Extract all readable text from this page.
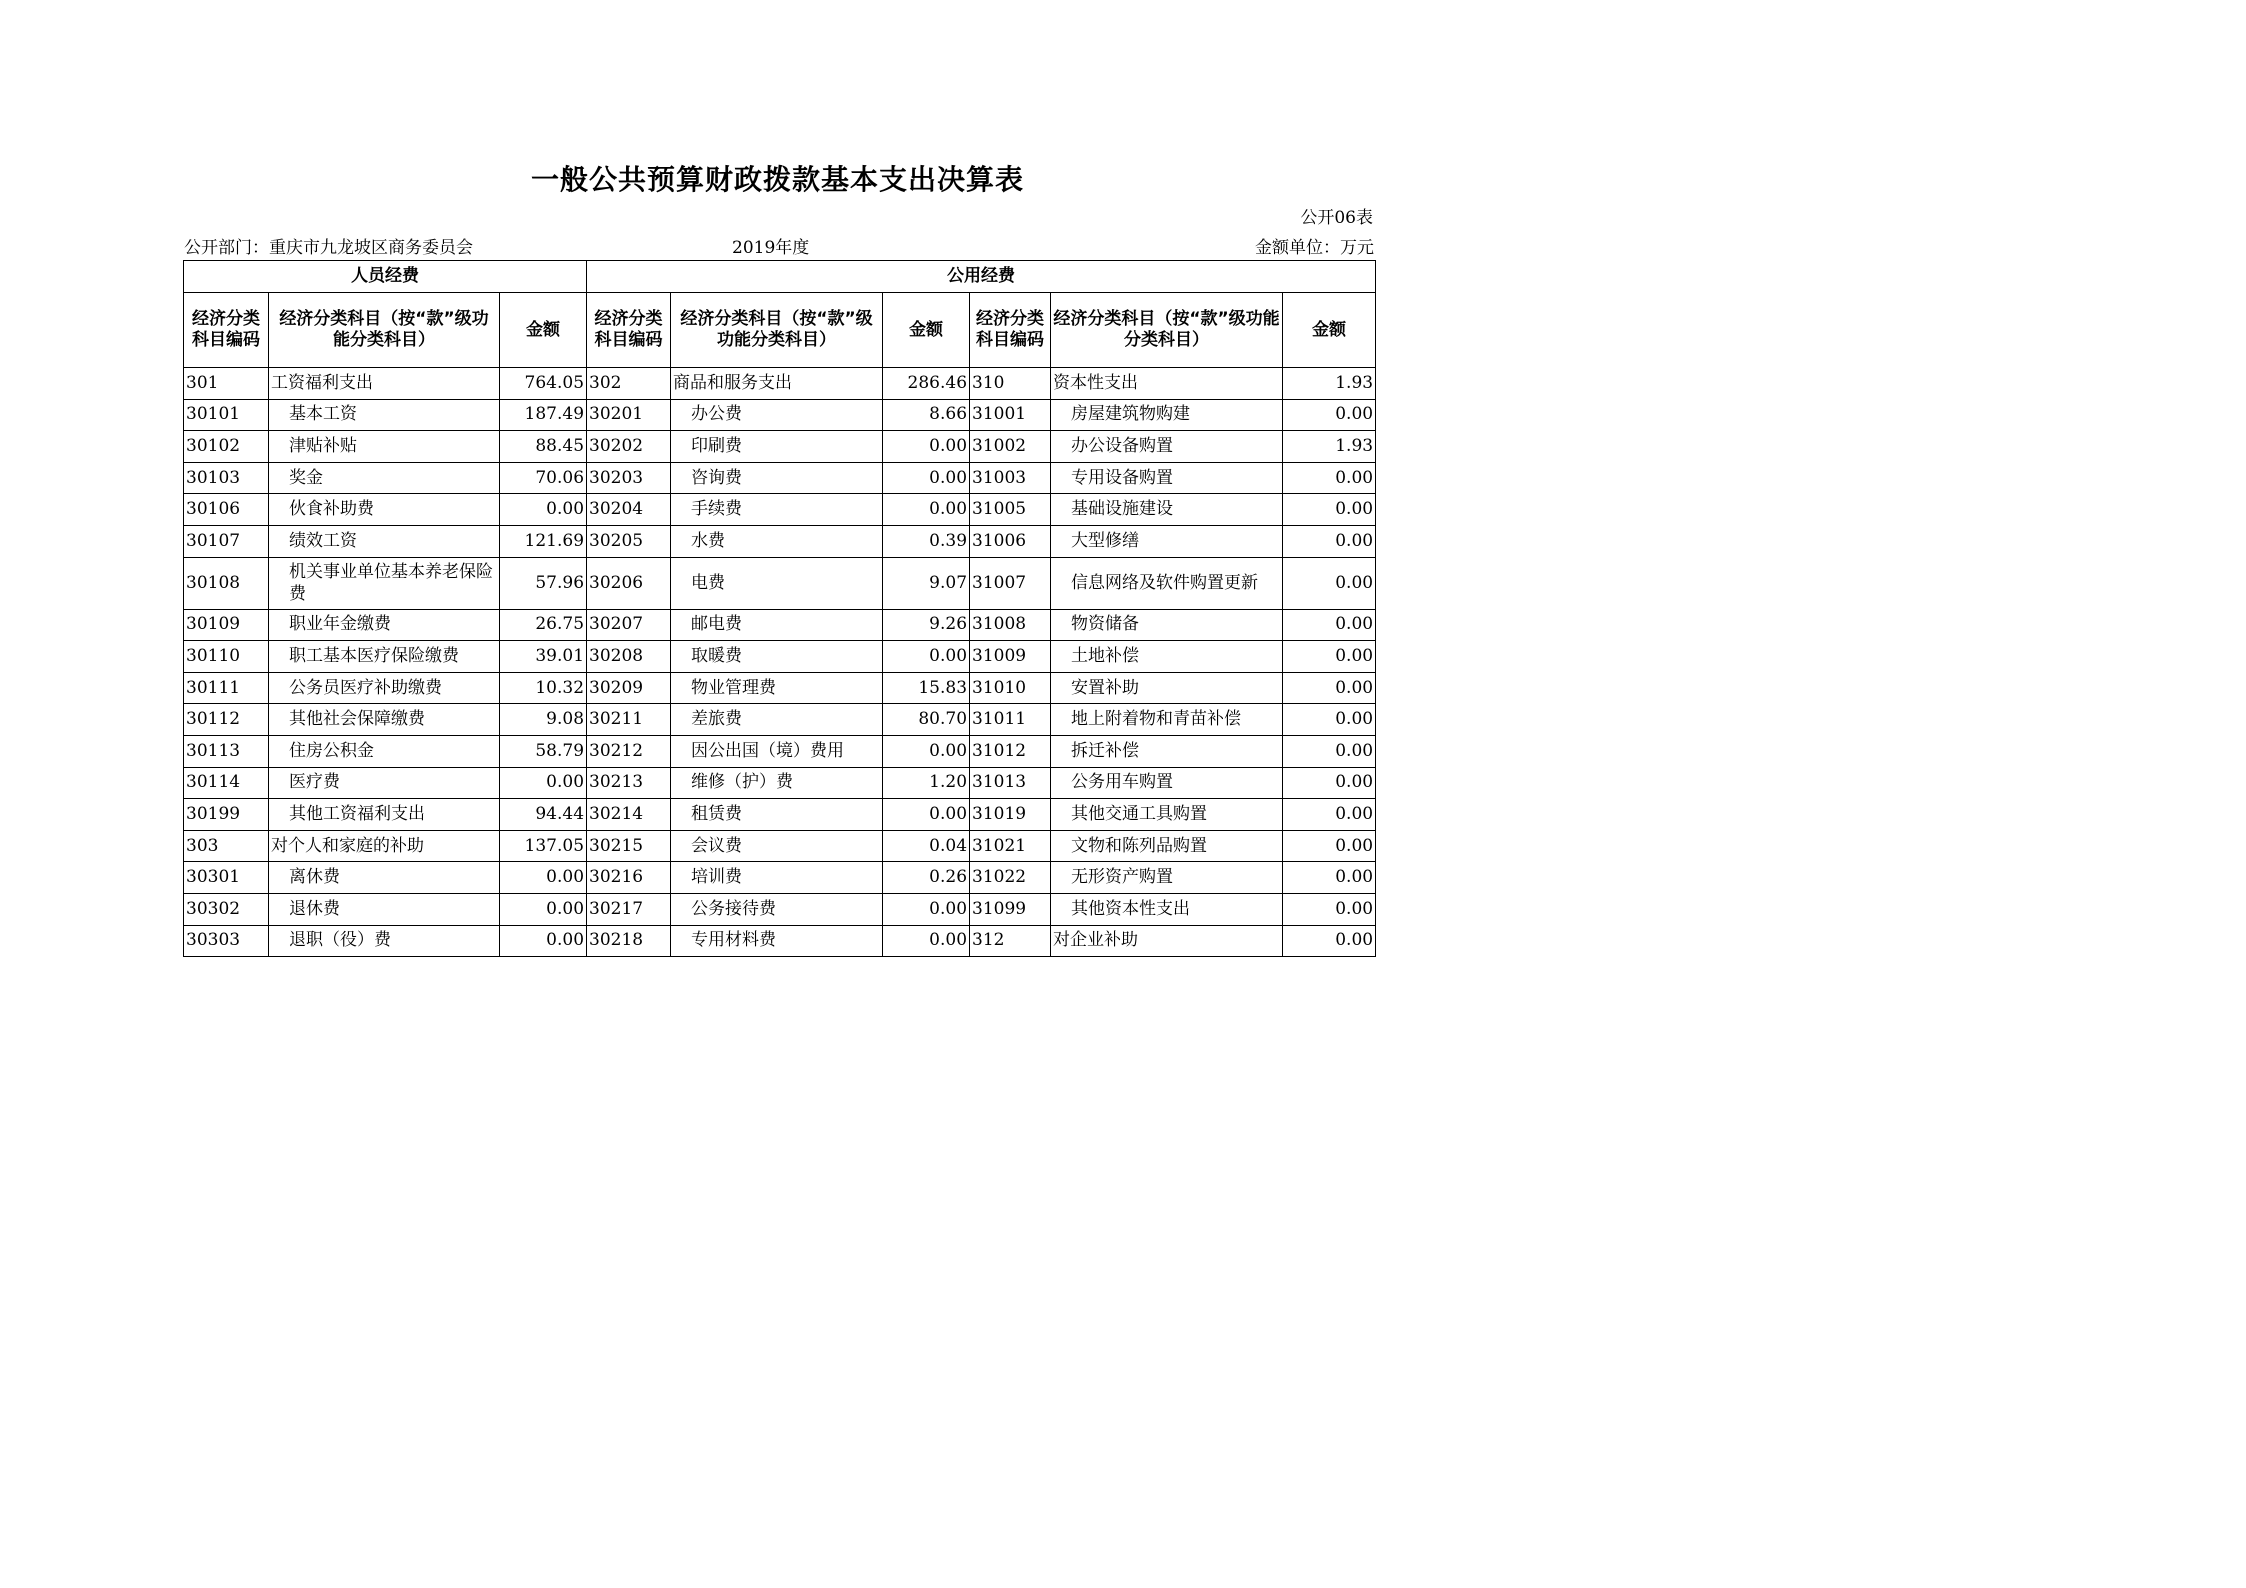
一般公共预算财政拨款基本支出决算表
公开06表
公开部门：重庆市九龙坡区商务委员会	2019年度	金额单位：万元
人员经费			公用经费					
经济分类科目编码	经济分类科目（按“款”级功能分类科目）	金额	经济分类科目编码	经济分类科目（按“款”级功能分类科目）	金额	经济分类科目编码	经济分类科目（按“款”级功能分类科目）	金额
301	工资福利支出	764.05	302	商品和服务支出	286.46	310	资本性支出	1.93
30101	基本工资	187.49	30201	办公费	8.66	31001	房屋建筑物购建	0.00
30102	津贴补贴	88.45	30202	印刷费	0.00	31002	办公设备购置	1.93
30103	奖金	70.06	30203	咨询费	0.00	31003	专用设备购置	0.00
30106	伙食补助费	0.00	30204	手续费	0.00	31005	基础设施建设	0.00
30107	绩效工资	121.69	30205	水费	0.39	31006	大型修缮	0.00
30108	机关事业单位基本养老保险费	57.96	30206	电费	9.07	31007	信息网络及软件购置更新	0.00
30109	职业年金缴费	26.75	30207	邮电费	9.26	31008	物资储备	0.00
30110	职工基本医疗保险缴费	39.01	30208	取暖费	0.00	31009	土地补偿	0.00
30111	公务员医疗补助缴费	10.32	30209	物业管理费	15.83	31010	安置补助	0.00
30112	其他社会保障缴费	9.08	30211	差旅费	80.70	31011	地上附着物和青苗补偿	0.00
30113	住房公积金	58.79	30212	因公出国（境）费用	0.00	31012	拆迁补偿	0.00
30114	医疗费	0.00	30213	维修（护）费	1.20	31013	公务用车购置	0.00
30199	其他工资福利支出	94.44	30214	租赁费	0.00	31019	其他交通工具购置	0.00
303	对个人和家庭的补助	137.05	30215	会议费	0.04	31021	文物和陈列品购置	0.00
30301	离休费	0.00	30216	培训费	0.26	31022	无形资产购置	0.00
30302	退休费	0.00	30217	公务接待费	0.00	31099	其他资本性支出	0.00
30303	退职（役）费	0.00	30218	专用材料费	0.00	312	对企业补助	0.00
